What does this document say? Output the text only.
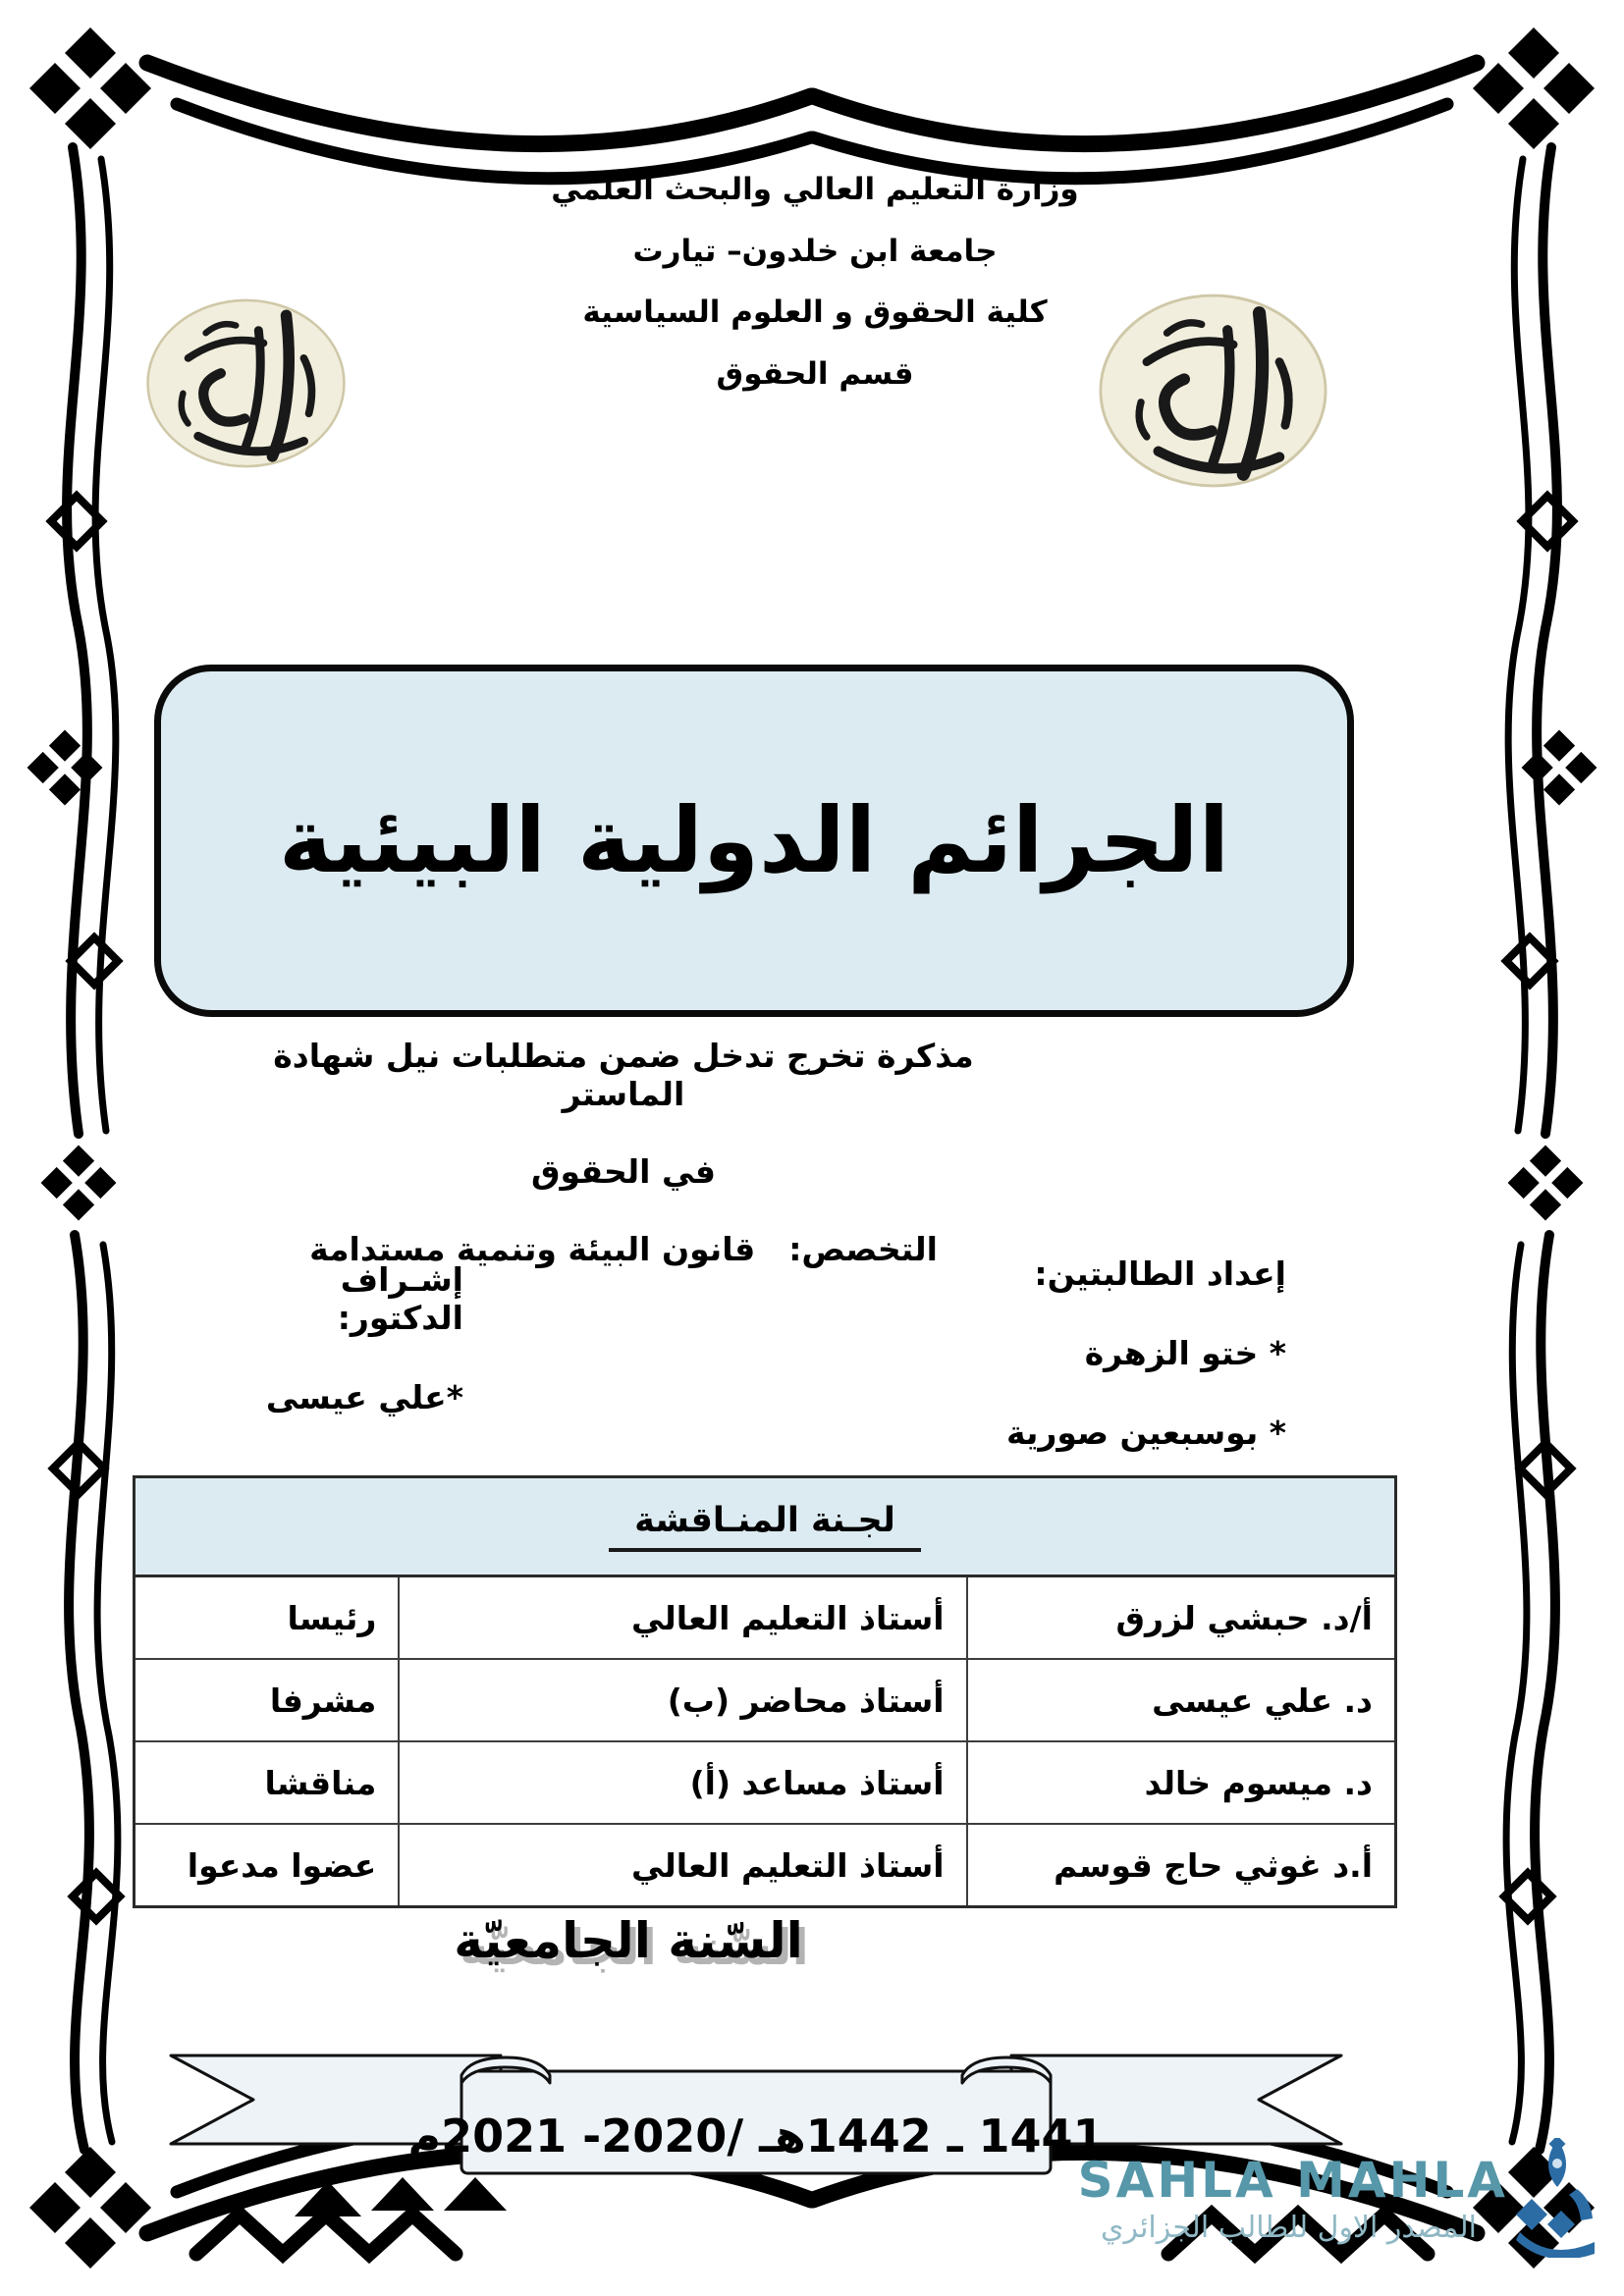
وزارة التعليم العالي والبحث العلمي
جامعة ابن خلدون– تيارت
كلية الحقوق و العلوم السياسية
قسم الحقوق
الجرائم الدولية البيئية
مذكرة تخرج تدخل ضمن متطلبات نيل شهادة الماستر
في الحقوق
التخصص:قانون البيئة وتنمية مستدامة
إعداد الطالبتين:
* ختو الزهرة
* بوسبعين صورية
إشـراف الدكتور:
*علي عيسى
لجـنة المنـاقشة		
أ/د. حبشي لزرق	أستاذ التعليم العالي	رئيسا
د. علي عيسى	أستاذ محاضر (ب)	مشرفا
د. ميسوم خالد	أستاذ مساعد (أ)	مناقشا
أ.د غوثي حاج قوسم	أستاذ التعليم العالي	عضوا مدعوا
السّنة الجامعيّة
1441 ـ 1442هـ /2020- 2021م
SAHLA MAHLA
المصدر الاول للطالب الجزائري
